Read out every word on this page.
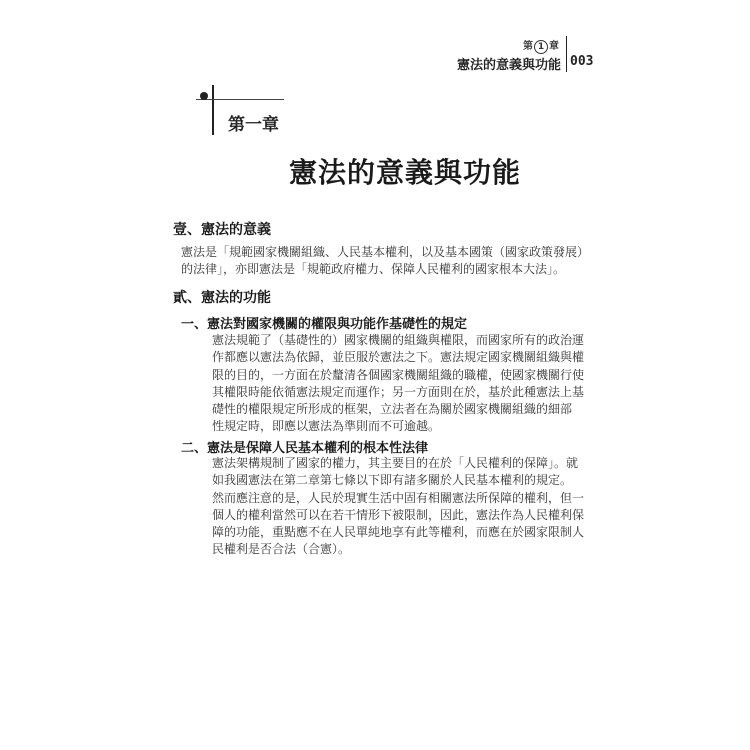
第 1 章
憲法的意義與功能 003
第一章
憲法的意義與功能
壹、憲法的意義
憲法是「規範國家機關組織、人民基本權利，以及基本國策（國家政策發展）
的法律」，亦即憲法是「規範政府權力、保障人民權利的國家根本大法」。
貳、憲法的功能
一、憲法對國家機關的權限與功能作基礎性的規定
憲法規範了（基礎性的）國家機關的組織與權限，而國家所有的政治運
作都應以憲法為依歸，並臣服於憲法之下。憲法規定國家機關組織與權
限的目的，一方面在於釐清各個國家機關組織的職權，使國家機關行使
其權限時能依循憲法規定而運作；另一方面則在於，基於此種憲法上基
礎性的權限規定所形成的框架，立法者在為關於國家機關組織的細部
性規定時，即應以憲法為準則而不可逾越。
二、憲法是保障人民基本權利的根本性法律
憲法架構規制了國家的權力，其主要目的在於「人民權利的保障」。就
如我國憲法在第二章第七條以下即有諸多關於人民基本權利的規定。
然而應注意的是，人民於現實生活中固有相關憲法所保障的權利，但一
個人的權利當然可以在若干情形下被限制，因此，憲法作為人民權利保
障的功能，重點應不在人民單純地享有此等權利，而應在於國家限制人
民權利是否合法（合憲）。
